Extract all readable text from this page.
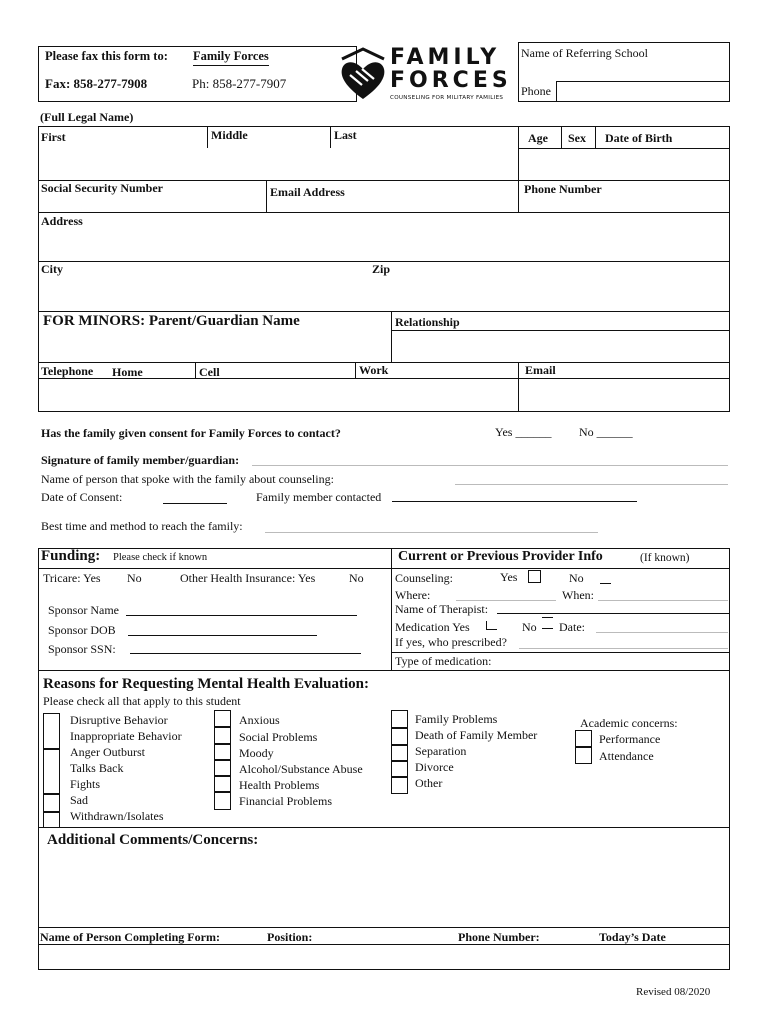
Please fax this form to: Family Forces
Fax: 858-277-7908	Ph: 858-277-7907
FAMILY
FORCES
COUNSELING FOR MILITARY FAMILIES
Name of Referring School
Phone
(Full Legal Name)
First	Middle	Last	Age Sex Date of Birth
Social Security Number	Email Address	Phone Number
Address
City	Zip
FOR MINORS: Parent/Guardian Name	Relationship
Telephone Home	Cell	Work	Email
Has the family given consent for Family Forces to contact?	Yes ______ No ______
Signature of family member/guardian:
Name of person that spoke with the family about counseling:
Date of Consent:	Family member contacted
Best time and method to reach the family:
Funding: Please check if known
Tricare: Yes No	Other Health Insurance: Yes	No
Sponsor Name
Sponsor DOB
Sponsor SSN:
Current or Previous Provider Info	(If known)
Counseling:	Yes	No
Where:	When:
Name of Therapist:
Medication Yes	No Date:
If yes, who prescribed?
Type of medication:
Reasons for Requesting Mental Health Evaluation:
Please check all that apply to this student
Disruptive Behavior
Inappropriate Behavior
Anger Outburst
Talks Back
Fights
Sad
Withdrawn/Isolates
Anxious
Social Problems
Moody
Alcohol/Substance Abuse
Health Problems
Financial Problems
Family Problems
Death of Family Member
Separation
Divorce
Other
Academic concerns:
Performance
Attendance
Additional Comments/Concerns:
Name of Person Completing Form:	Position:	Phone Number:	Today’s Date
Revised 08/2020
